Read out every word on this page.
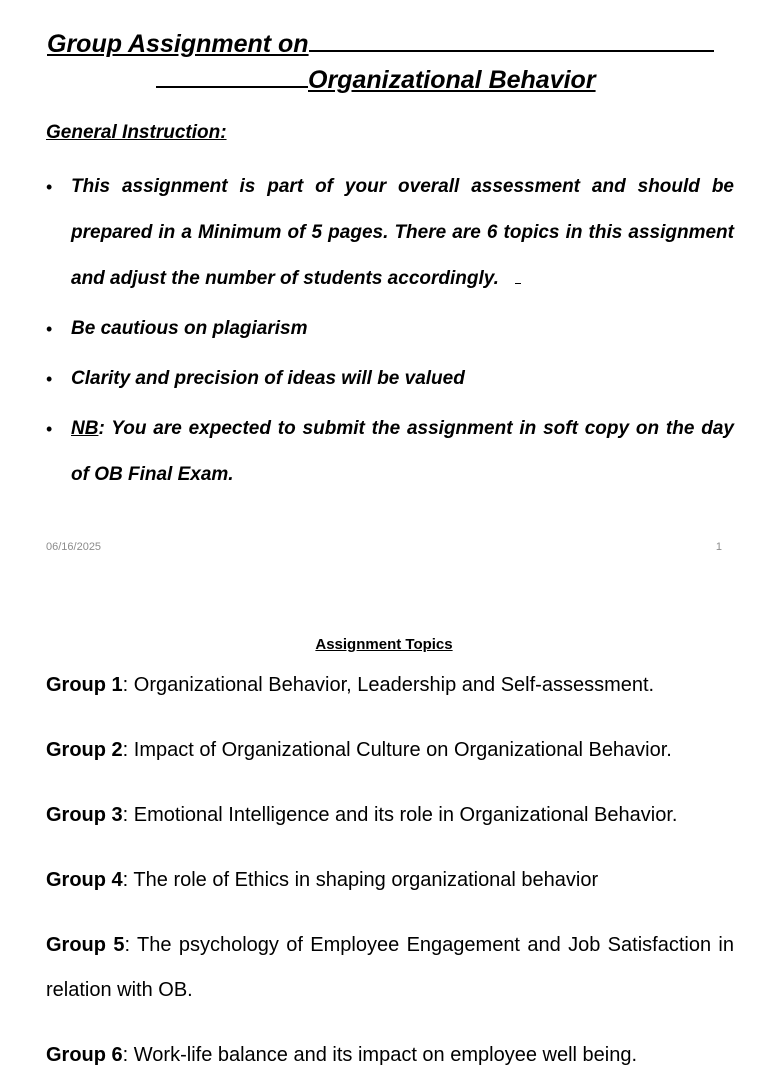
Group Assignment on
Organizational Behavior
General Instruction:
• This assignment is part of your overall assessment and should be prepared in a Minimum of 5 pages. There are 6 topics in this assignment and adjust the number of students accordingly.
• Be cautious on plagiarism
• Clarity and precision of ideas will be valued
• NB: You are expected to submit the assignment in soft copy on the day of OB Final Exam.
06/16/2025	1
Assignment Topics

Group 1: Organizational Behavior, Leadership and Self-assessment.

Group 2: Impact of Organizational Culture on Organizational Behavior.

Group 3: Emotional Intelligence and its role in Organizational Behavior.

Group 4: The role of Ethics in shaping organizational behavior

Group 5: The psychology of Employee Engagement and Job Satisfaction in relation with OB.

Group 6: Work-life balance and its impact on employee well being.
